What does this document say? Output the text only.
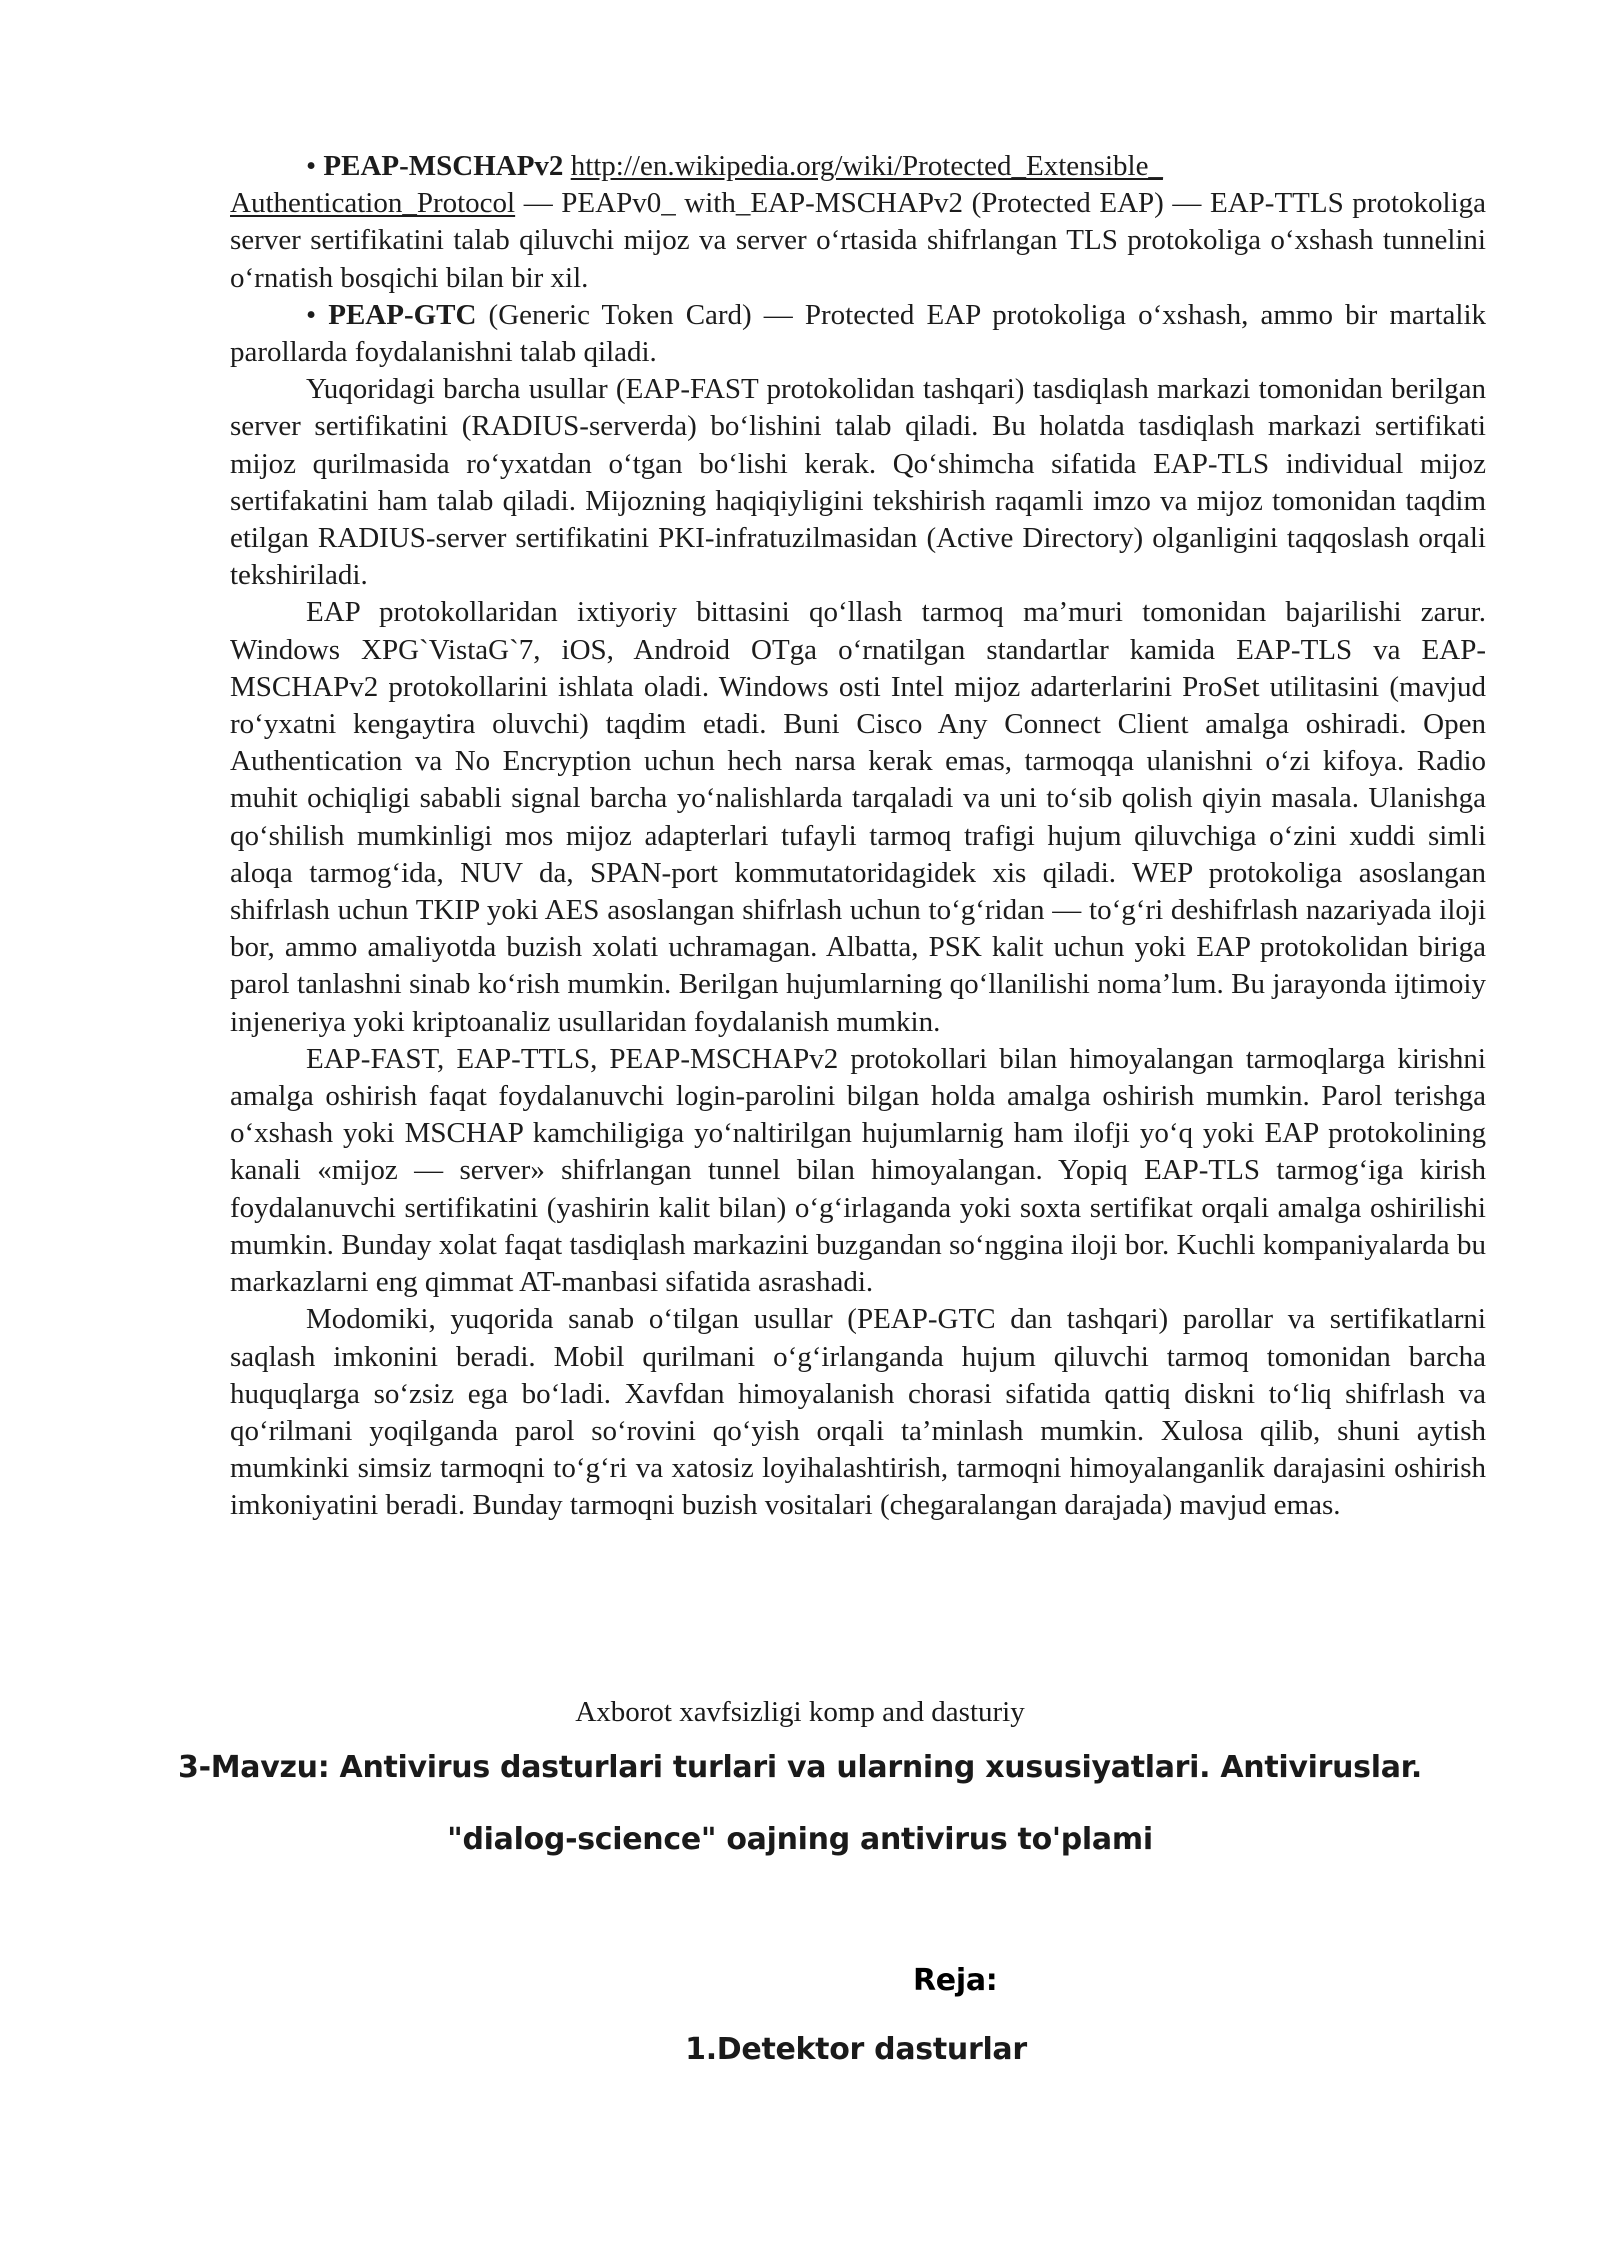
• PEAP-MSCHAPv2 http://en.wikipedia.org/wiki/Protected_Extensible_
Authentication_Protocol — PEAPv0_ with_EAP-MSCHAPv2 (Protected EAP) — EAP-TTLS protokoliga server sertifikatini talab qiluvchi mijoz va server oʻrtasida shifrlangan TLS protokoliga oʻxshash tunnelini oʻrnatish bosqichi bilan bir xil.

• PEAP-GTC (Generic Token Card) — Protected EAP protokoliga oʻxshash, ammo bir martalik parollarda foydalanishni talab qiladi.

Yuqoridagi barcha usullar (EAP-FAST protokolidan tashqari) tasdiqlash markazi tomonidan berilgan server sertifikatini (RADIUS-serverda) boʻlishini talab qiladi. Bu holatda tasdiqlash markazi sertifikati mijoz qurilmasida roʻyxatdan oʻtgan boʻlishi kerak. Qoʻshimcha sifatida EAP-TLS individual mijoz sertifakatini ham talab qiladi. Mijozning haqiqiyligini tekshirish raqamli imzo va mijoz tomonidan taqdim etilgan RADIUS-server sertifikatini PKI-infratuzilmasidan (Active Directory) olganligini taqqoslash orqali tekshiriladi.

EAP protokollaridan ixtiyoriy bittasini qoʻllash tarmoq maʼmuri tomonidan bajarilishi zarur. Windows XPG`VistaG`7, iOS, Android OTga oʻrnatilgan standartlar kamida EAP-TLS va EAP-MSCHAPv2 protokollarini ishlata oladi. Windows osti Intel mijoz adarterlarini ProSet utilitasini (mavjud roʻyxatni kengaytira oluvchi) taqdim etadi. Buni Cisco Any Connect Client amalga oshiradi. Open Authentication va No Encryption uchun hech narsa kerak emas, tarmoqqa ulanishni oʻzi kifoya. Radio muhit ochiqligi sababli signal barcha yoʻnalishlarda tarqaladi va uni toʻsib qolish qiyin masala. Ulanishga qoʻshilish mumkinligi mos mijoz adapterlari tufayli tarmoq trafigi hujum qiluvchiga oʻzini xuddi simli aloqa tarmogʻida, NUV da, SPAN-port kommutatoridagidek xis qiladi. WEP protokoliga asoslangan shifrlash uchun TKIP yoki AES asoslangan shifrlash uchun toʻgʻridan — toʻgʻri deshifrlash nazariyada iloji bor, ammo amaliyotda buzish xolati uchramagan. Albatta, PSK kalit uchun yoki EAP protokolidan biriga parol tanlashni sinab koʻrish mumkin. Berilgan hujumlarning qoʻllanilishi nomaʼlum. Bu jarayonda ijtimoiy injeneriya yoki kriptoanaliz usullaridan foydalanish mumkin.

EAP-FAST, EAP-TTLS, PEAP-MSCHAPv2 protokollari bilan himoyalangan tarmoqlarga kirishni amalga oshirish faqat foydalanuvchi login-parolini bilgan holda amalga oshirish mumkin. Parol terishga oʻxshash yoki MSCHAP kamchiligiga yoʻnaltirilgan hujumlarnig ham ilofji yoʻq yoki EAP protokolining kanali «mijoz — server» shifrlangan tunnel bilan himoyalangan. Yopiq EAP-TLS tarmogʻiga kirish foydalanuvchi sertifikatini (yashirin kalit bilan) oʻgʻirlaganda yoki soxta sertifikat orqali amalga oshirilishi mumkin. Bunday xolat faqat tasdiqlash markazini buzgandan soʻnggina iloji bor. Kuchli kompaniyalarda bu markazlarni eng qimmat AT-manbasi sifatida asrashadi.

Modomiki, yuqorida sanab oʻtilgan usullar (PEAP-GTC dan tashqari) parollar va sertifikatlarni saqlash imkonini beradi. Mobil qurilmani oʻgʻirlanganda hujum qiluvchi tarmoq tomonidan barcha huquqlarga soʻzsiz ega boʻladi. Xavfdan himoyalanish chorasi sifatida qattiq diskni toʻliq shifrlash va qoʻrilmani yoqilganda parol soʻrovini qoʻyish orqali taʼminlash mumkin. Xulosa qilib, shuni aytish mumkinki simsiz tarmoqni toʻgʻri va xatosiz loyihalashtirish, tarmoqni himoyalanganlik darajasini oshirish imkoniyatini beradi. Bunday tarmoqni buzish vositalari (chegaralangan darajada) mavjud emas.

Axborot xavfsizligi komp and dasturiy
3-Mavzu: Antivirus dasturlari turlari va ularning xususiyatlari. Antiviruslar.
"dialog-science" oajning antivirus to'plami
Reja:
1.Detektor dasturlar
